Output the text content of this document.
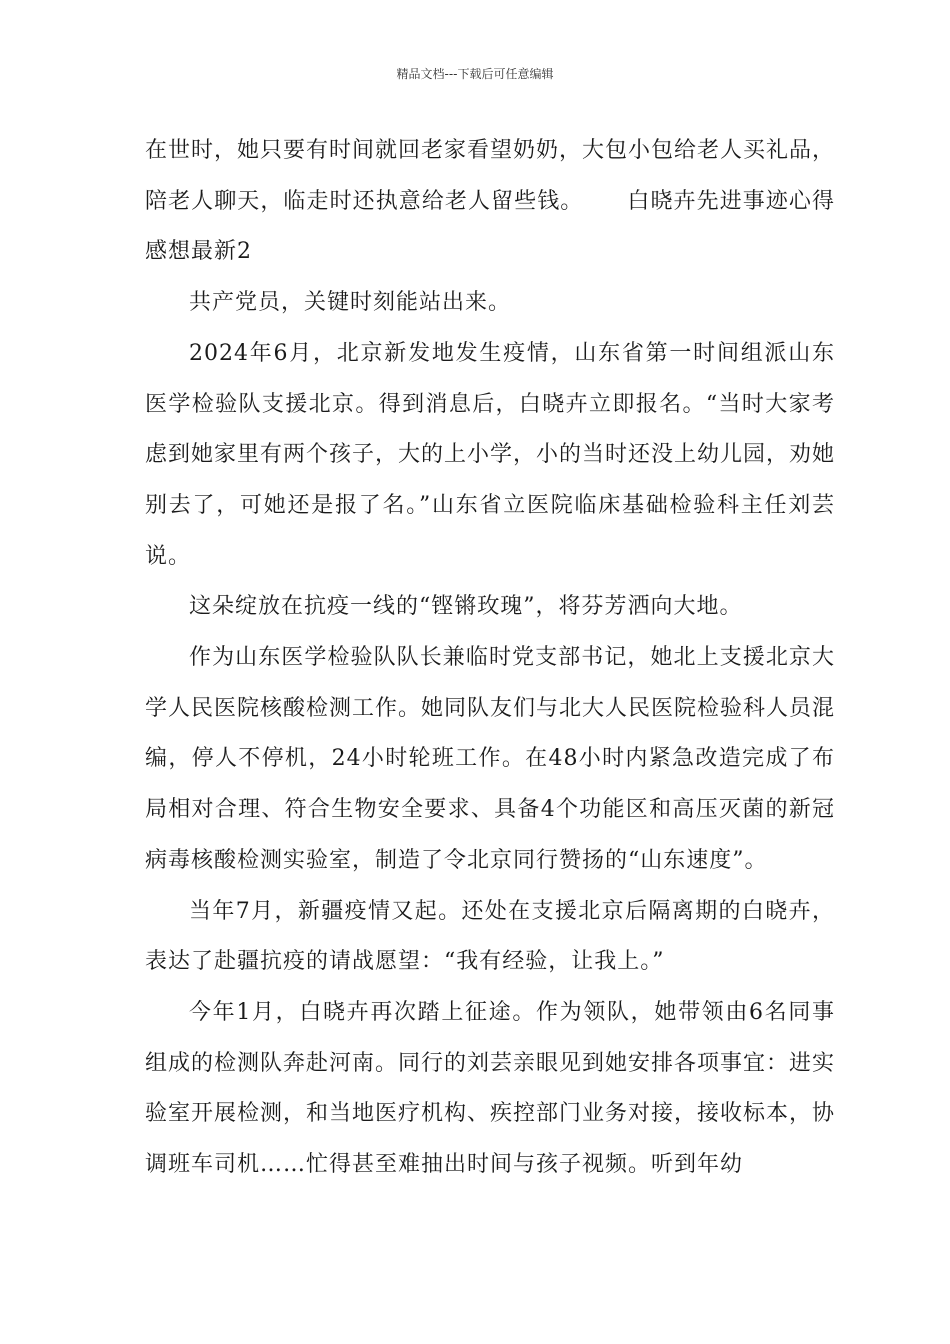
精品文档---下载后可任意编辑

在世时，她只要有时间就回老家看望奶奶，大包小包给老人买礼品，陪老人聊天，临走时还执意给老人留些钱。 白晓卉先进事迹心得感想最新2

共产党员，关键时刻能站出来。

2024年6月，北京新发地发生疫情，山东省第一时间组派山东医学检验队支援北京。得到消息后，白晓卉立即报名。“当时大家考虑到她家里有两个孩子，大的上小学，小的当时还没上幼儿园，劝她别去了，可她还是报了名。”山东省立医院临床基础检验科主任刘芸说。

这朵绽放在抗疫一线的“铿锵玫瑰”，将芬芳洒向大地。

作为山东医学检验队队长兼临时党支部书记，她北上支援北京大学人民医院核酸检测工作。她同队友们与北大人民医院检验科人员混编，停人不停机，24小时轮班工作。在48小时内紧急改造完成了布局相对合理、符合生物安全要求、具备4个功能区和高压灭菌的新冠病毒核酸检测实验室，制造了令北京同行赞扬的“山东速度”。

当年7月，新疆疫情又起。还处在支援北京后隔离期的白晓卉，表达了赴疆抗疫的请战愿望：“我有经验，让我上。”

今年1月，白晓卉再次踏上征途。作为领队，她带领由6名同事组成的检测队奔赴河南。同行的刘芸亲眼见到她安排各项事宜：进实验室开展检测，和当地医疗机构、疾控部门业务对接，接收标本，协调班车司机……忙得甚至难抽出时间与孩子视频。听到年幼
